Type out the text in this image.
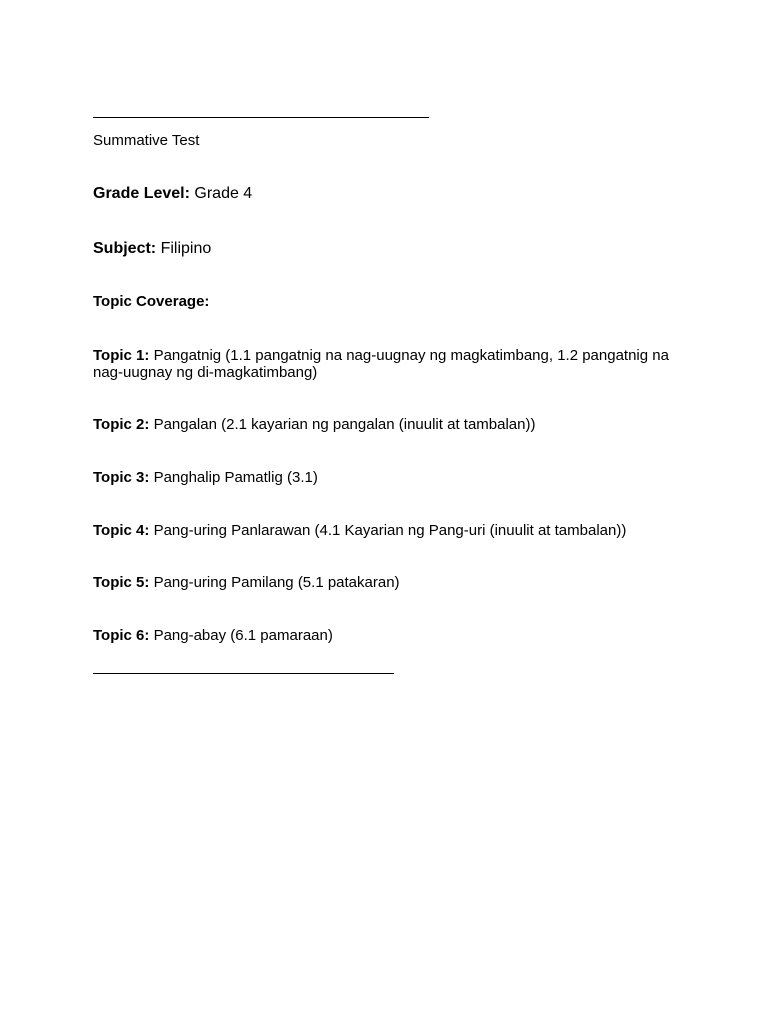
Summative Test

Grade Level: Grade 4

Subject: Filipino

Topic Coverage:

Topic 1: Pangatnig (1.1 pangatnig na nag-uugnay ng magkatimbang, 1.2 pangatnig na nag-uugnay ng di-magkatimbang)

Topic 2: Pangalan (2.1 kayarian ng pangalan (inuulit at tambalan))

Topic 3: Panghalip Pamatlig (3.1)

Topic 4: Pang-uring Panlarawan (4.1 Kayarian ng Pang-uri (inuulit at tambalan))

Topic 5: Pang-uring Pamilang (5.1 patakaran)

Topic 6: Pang-abay (6.1 pamaraan)
